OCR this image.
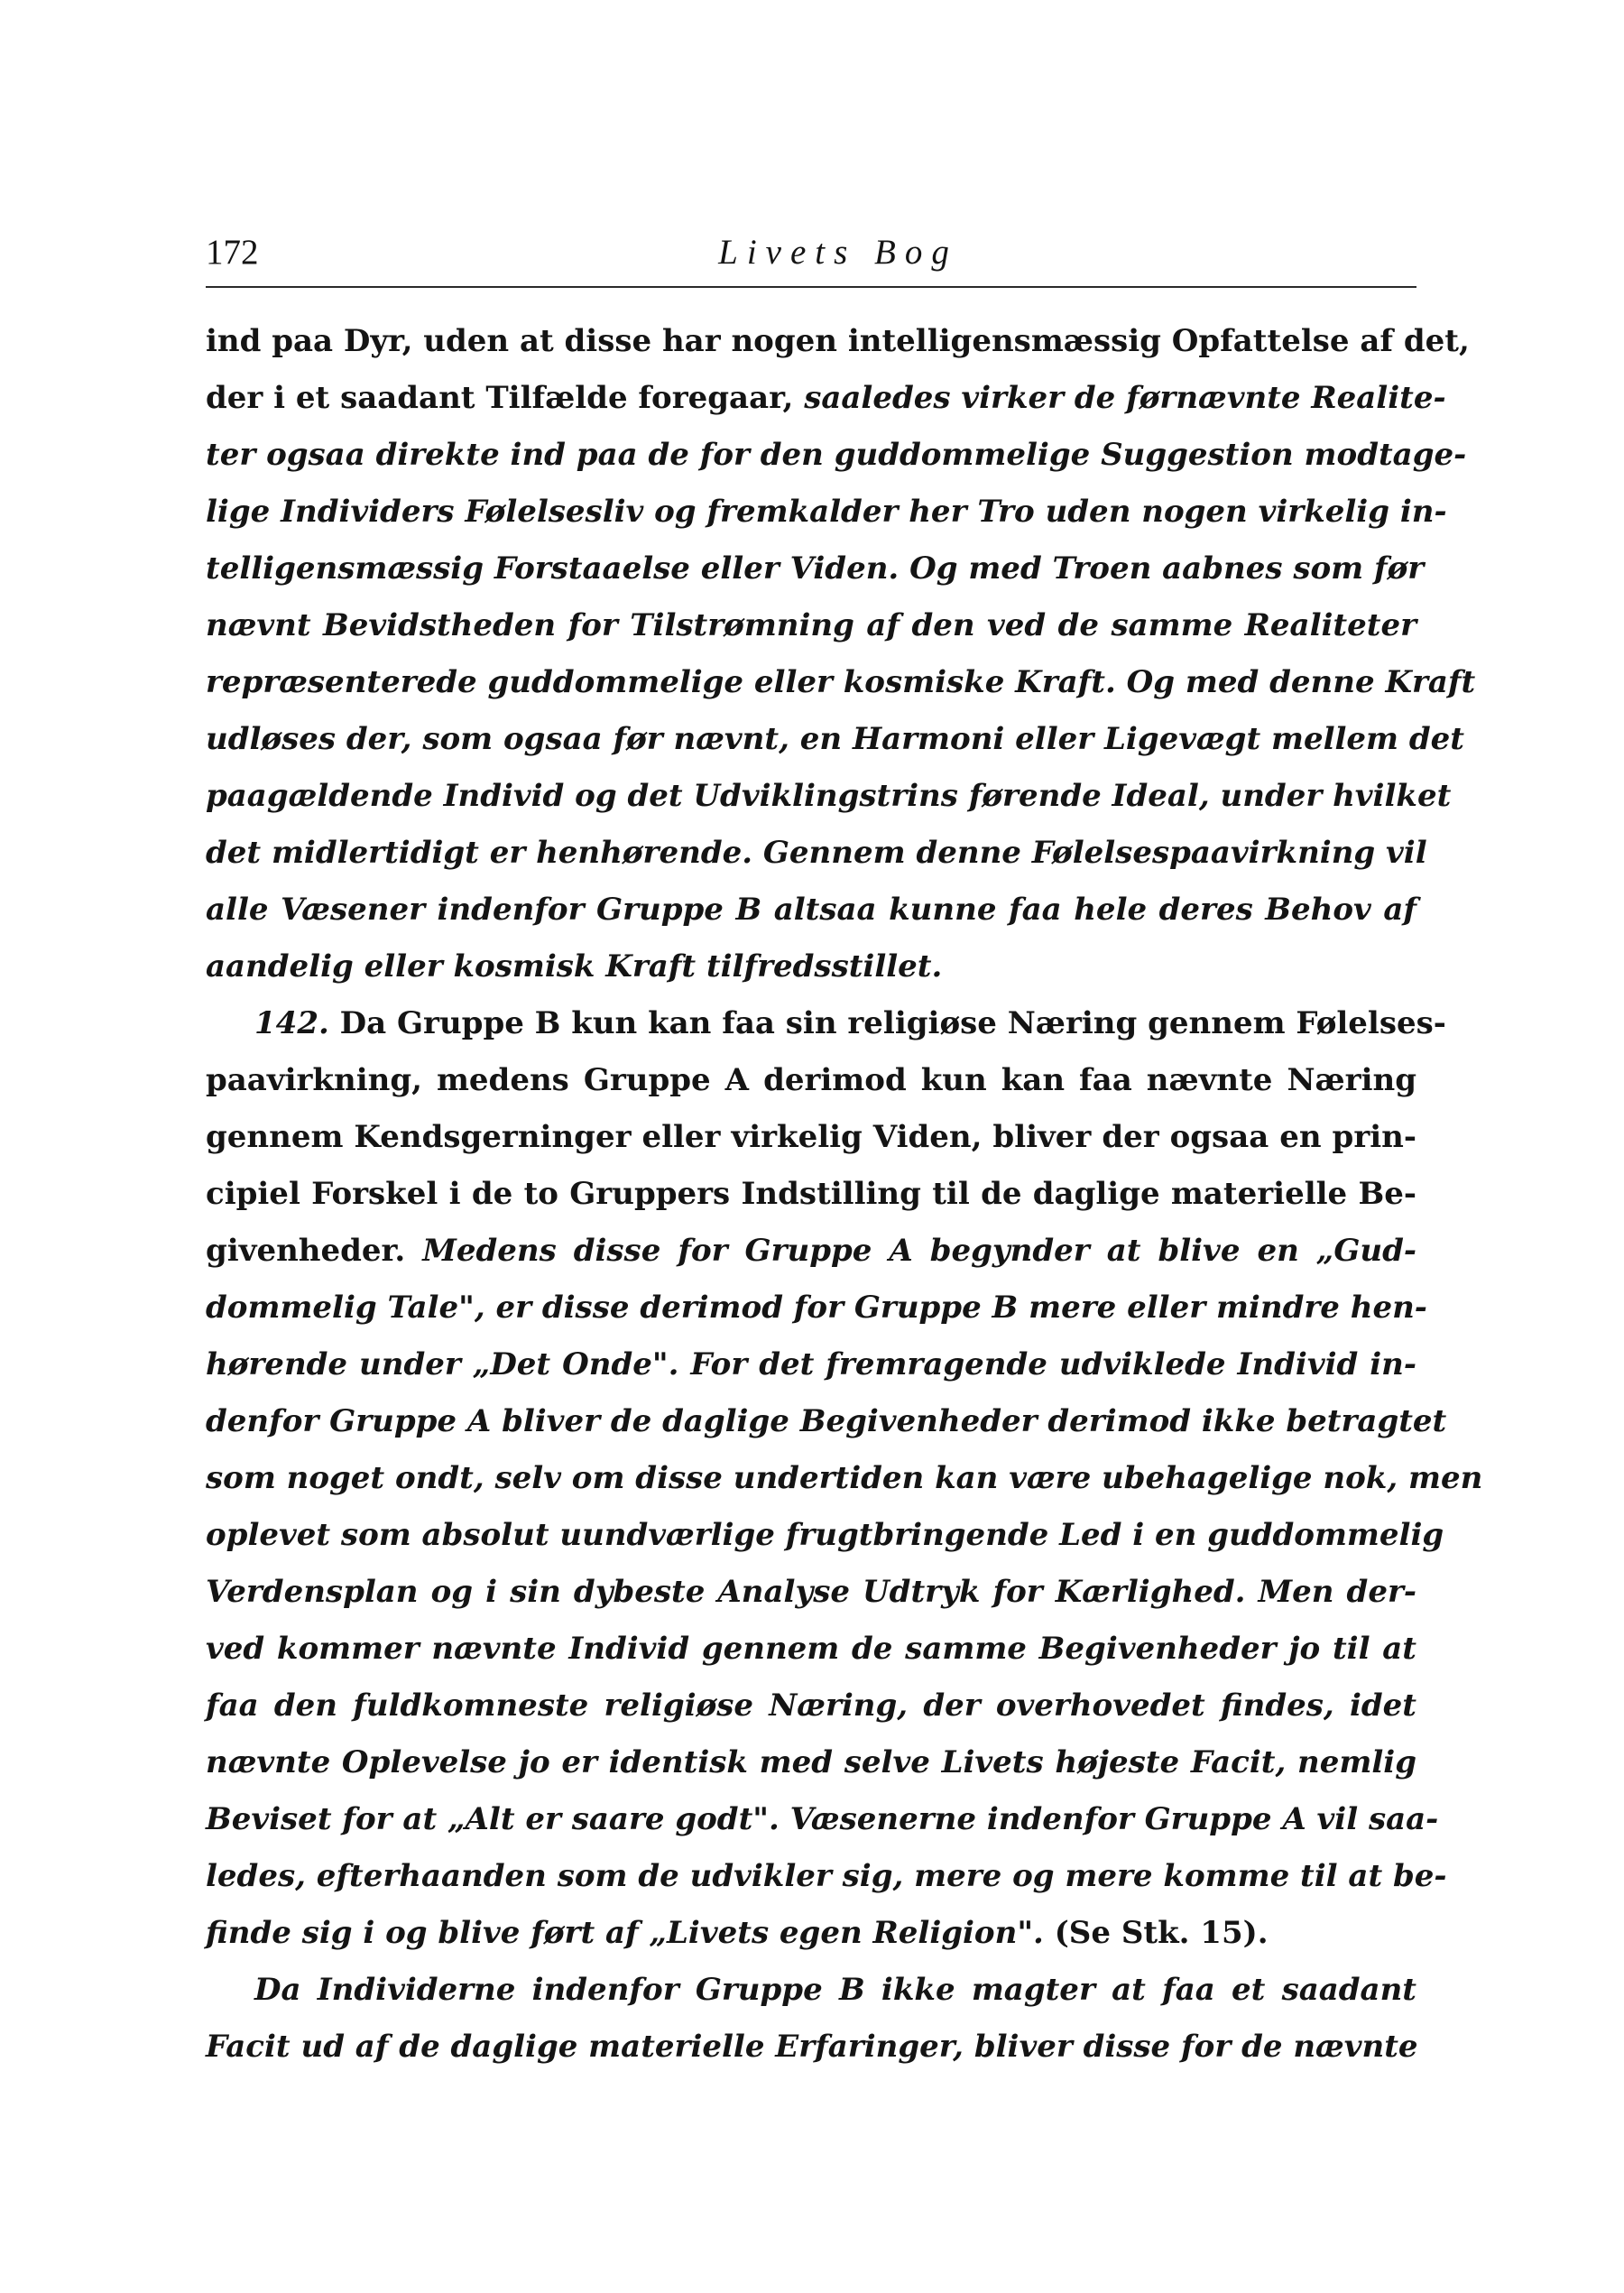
172	Livets Bog
ind paa Dyr, uden at disse har nogen intelligensmæssig Opfattelse af det,
der i et saadant Tilfælde foregaar, saaledes virker de førnævnte Realite-
ter ogsaa direkte ind paa de for den guddommelige Suggestion modtage-
lige Individers Følelsesliv og fremkalder her Tro uden nogen virkelig in-
telligensmæssig Forstaaelse eller Viden. Og med Troen aabnes som før
nævnt Bevidstheden for Tilstrømning af den ved de samme Realiteter
repræsenterede guddommelige eller kosmiske Kraft. Og med denne Kraft
udløses der, som ogsaa før nævnt, en Harmoni eller Ligevægt mellem det
paagældende Individ og det Udviklingstrins førende Ideal, under hvilket
det midlertidigt er henhørende. Gennem denne Følelsespaavirkning vil
alle Væsener indenfor Gruppe B altsaa kunne faa hele deres Behov af
aandelig eller kosmisk Kraft tilfredsstillet.
142. Da Gruppe B kun kan faa sin religiøse Næring gennem Følelses-
paavirkning, medens Gruppe A derimod kun kan faa nævnte Næring
gennem Kendsgerninger eller virkelig Viden, bliver der ogsaa en prin-
cipiel Forskel i de to Gruppers Indstilling til de daglige materielle Be-
givenheder. Medens disse for Gruppe A begynder at blive en „Gud-
dommelig Tale", er disse derimod for Gruppe B mere eller mindre hen-
hørende under „Det Onde". For det fremragende udviklede Individ in-
denfor Gruppe A bliver de daglige Begivenheder derimod ikke betragtet
som noget ondt, selv om disse undertiden kan være ubehagelige nok, men
oplevet som absolut uundværlige frugtbringende Led i en guddommelig
Verdensplan og i sin dybeste Analyse Udtryk for Kærlighed. Men der-
ved kommer nævnte Individ gennem de samme Begivenheder jo til at
faa den fuldkomneste religiøse Næring, der overhovedet findes, idet
nævnte Oplevelse jo er identisk med selve Livets højeste Facit, nemlig
Beviset for at „Alt er saare godt". Væsenerne indenfor Gruppe A vil saa-
ledes, efterhaanden som de udvikler sig, mere og mere komme til at be-
finde sig i og blive ført af „Livets egen Religion". (Se Stk. 15).
Da Individerne indenfor Gruppe B ikke magter at faa et saadant
Facit ud af de daglige materielle Erfaringer, bliver disse for de nævnte
